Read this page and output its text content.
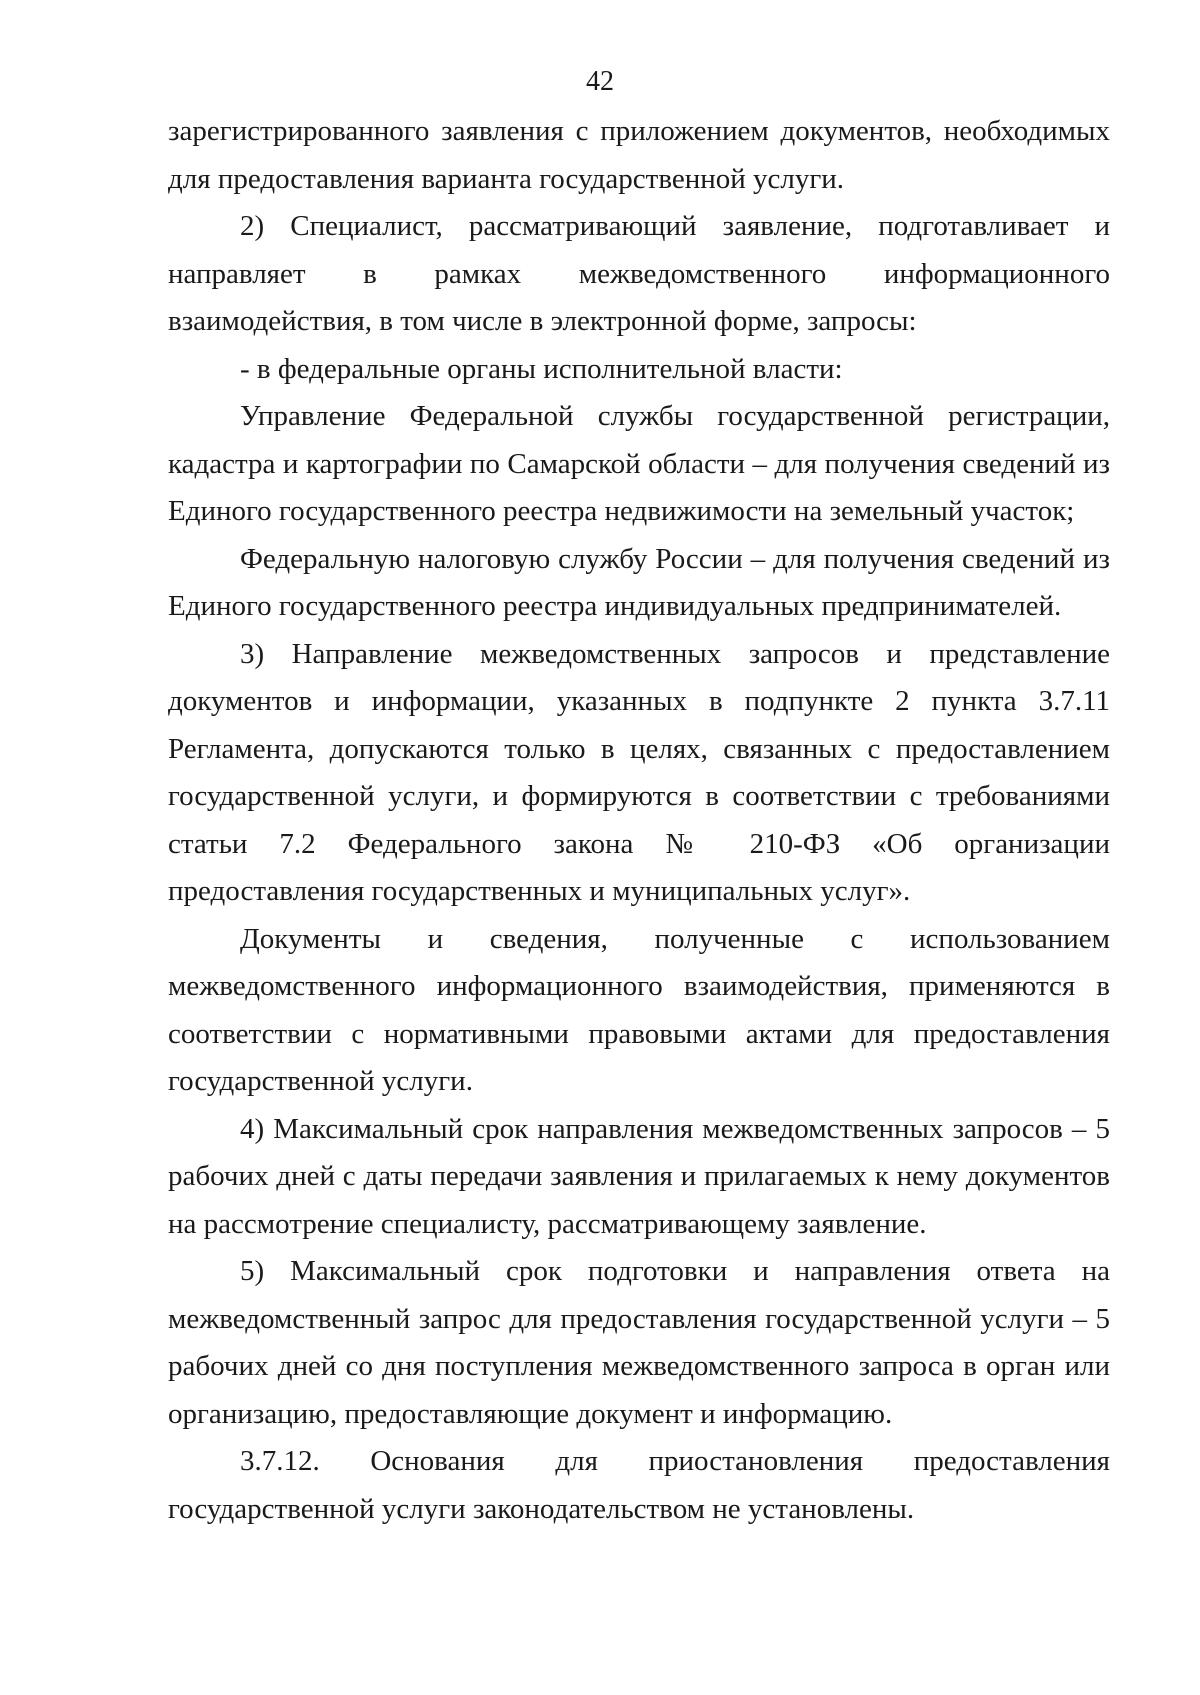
42

зарегистрированного заявления с приложением документов, необходимых для предоставления варианта государственной услуги.

2) Специалист, рассматривающий заявление, подготавливает и направляет в рамках межведомственного информационного взаимодействия, в том числе в электронной форме, запросы:

- в федеральные органы исполнительной власти:

Управление Федеральной службы государственной регистрации, кадастра и картографии по Самарской области – для получения сведений из Единого государственного реестра недвижимости на земельный участок;

Федеральную налоговую службу России – для получения сведений из Единого государственного реестра индивидуальных предпринимателей.

3) Направление межведомственных запросов и представление документов и информации, указанных в подпункте 2 пункта 3.7.11 Регламента, допускаются только в целях, связанных с предоставлением государственной услуги, и формируются в соответствии с требованиями статьи 7.2 Федерального закона № 210-ФЗ «Об организации предоставления государственных и муниципальных услуг».

Документы и сведения, полученные с использованием межведомственного информационного взаимодействия, применяются в соответствии с нормативными правовыми актами для предоставления государственной услуги.

4) Максимальный срок направления межведомственных запросов – 5 рабочих дней с даты передачи заявления и прилагаемых к нему документов на рассмотрение специалисту, рассматривающему заявление.

5) Максимальный срок подготовки и направления ответа на межведомственный запрос для предоставления государственной услуги – 5 рабочих дней со дня поступления межведомственного запроса в орган или организацию, предоставляющие документ и информацию.

3.7.12. Основания для приостановления предоставления государственной услуги законодательством не установлены.
